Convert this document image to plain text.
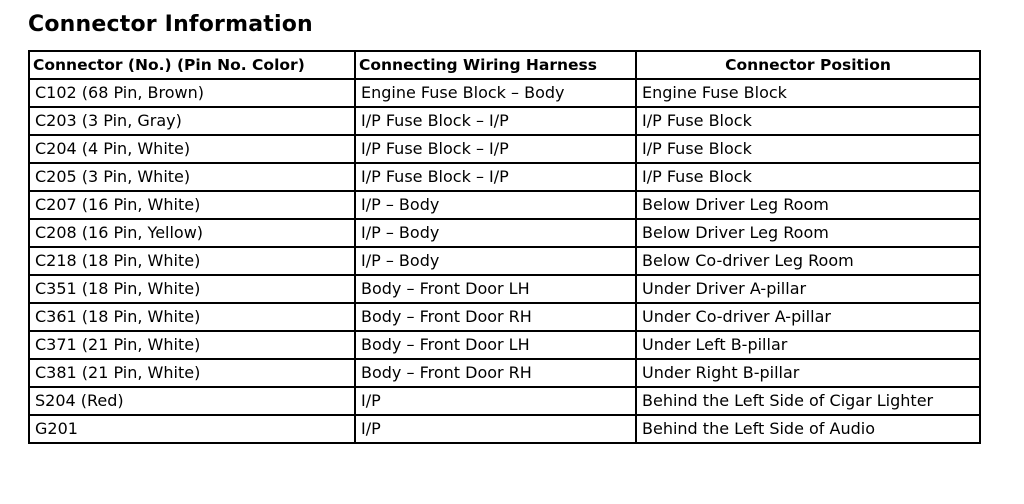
Connector Information
Connector (No.) (Pin No. Color)	Connecting Wiring Harness	Connector Position
C102 (68 Pin, Brown)	Engine Fuse Block – Body	Engine Fuse Block
C203 (3 Pin, Gray)	I/P Fuse Block – I/P	I/P Fuse Block
C204 (4 Pin, White)	I/P Fuse Block – I/P	I/P Fuse Block
C205 (3 Pin, White)	I/P Fuse Block – I/P	I/P Fuse Block
C207 (16 Pin, White)	I/P – Body	Below Driver Leg Room
C208 (16 Pin, Yellow)	I/P – Body	Below Driver Leg Room
C218 (18 Pin, White)	I/P – Body	Below Co-driver Leg Room
C351 (18 Pin, White)	Body – Front Door LH	Under Driver A-pillar
C361 (18 Pin, White)	Body – Front Door RH	Under Co-driver A-pillar
C371 (21 Pin, White)	Body – Front Door LH	Under Left B-pillar
C381 (21 Pin, White)	Body – Front Door RH	Under Right B-pillar
S204 (Red)	I/P	Behind the Left Side of Cigar Lighter
G201	I/P	Behind the Left Side of Audio
